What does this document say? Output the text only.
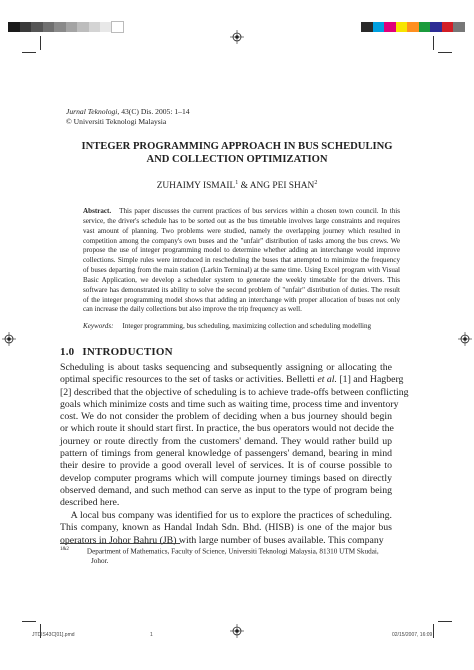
Jurnal Teknologi, 43(C) Dis. 2005: 1–14
© Universiti Teknologi Malaysia
INTEGER PROGRAMMING APPROACH IN BUS SCHEDULING
AND COLLECTION OPTIMIZATION
ZUHAIMY ISMAIL$^1$ & ANG PEI SHAN$^2$
Abstract. This paper discusses the current practices of bus services within a chosen town council. In this service, the driver's schedule has to be sorted out as the bus timetable involves large constraints and requires vast amount of planning. Two problems were studied, namely the overlapping journey which resulted in competition among the company's own buses and the "unfair" distribution of tasks among the bus crews. We propose the use of integer programming model to determine whether adding an interchange would improve collections. Simple rules were introduced in rescheduling the buses that attempted to minimize the frequency of buses departing from the main station (Larkin Terminal) at the same time. Using Excel program with Visual Basic Application, we develop a scheduler system to generate the weekly timetable for the drivers. This software has demonstrated its ability to solve the second problem of "unfair" distribution of duties. The result of the integer programming model shows that adding an interchange with proper allocation of buses not only can increase the daily collections but also improve the trip frequency as well.
Keywords: Integer programming, bus scheduling, maximizing collection and scheduling modelling
1.0 INTRODUCTION
Scheduling is about tasks sequencing and subsequently assigning or allocating the
optimal specific resources to the set of tasks or activities. Belletti et al. [1] and Hagberg
[2] described that the objective of scheduling is to achieve trade-offs between conflicting
goals which minimize costs and time such as waiting time, process time and inventory
cost. We do not consider the problem of deciding when a bus journey should begin
or which route it should start first. In practice, the bus operators would not decide the
journey or route directly from the customers' demand. They would rather build up
pattern of timings from general knowledge of passengers' demand, bearing in mind
their desire to provide a good overall level of services. It is of course possible to
develop computer programs which will compute journey timings based on directly
observed demand, and such method can serve as input to the type of program being
described here.
A local bus company was identified for us to explore the practices of scheduling.
This company, known as Handal Indah Sdn. Bhd. (HISB) is one of the major bus
operators in Johor Bahru (JB) with large number of buses available. This company
$^{1\&2}$	Department of Mathematics, Faculty of Science, Universiti Teknologi Malaysia, 81310 UTM Skudai,
Johor.
JTDIS43C[01].pmd	1	02/15/2007, 16:09
